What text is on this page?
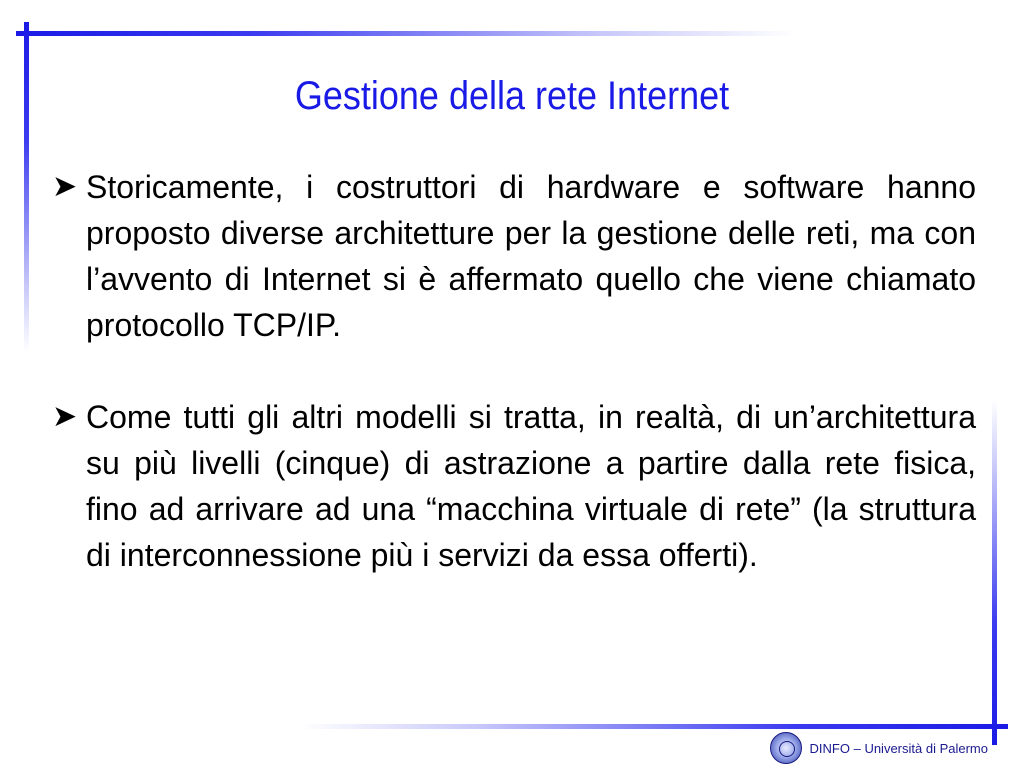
Gestione della rete Internet
➤ Storicamente, i costruttori di hardware e software hanno proposto diverse architetture per la gestione delle reti, ma con l’avvento di Internet si è affermato quello che viene chiamato protocollo TCP/IP.
➤ Come tutti gli altri modelli si tratta, in realtà, di un’architettura su più livelli (cinque) di astrazione a partire dalla rete fisica, fino ad arrivare ad una “macchina virtuale di rete” (la struttura di interconnessione più i servizi da essa offerti).
DINFO – Università di Palermo
